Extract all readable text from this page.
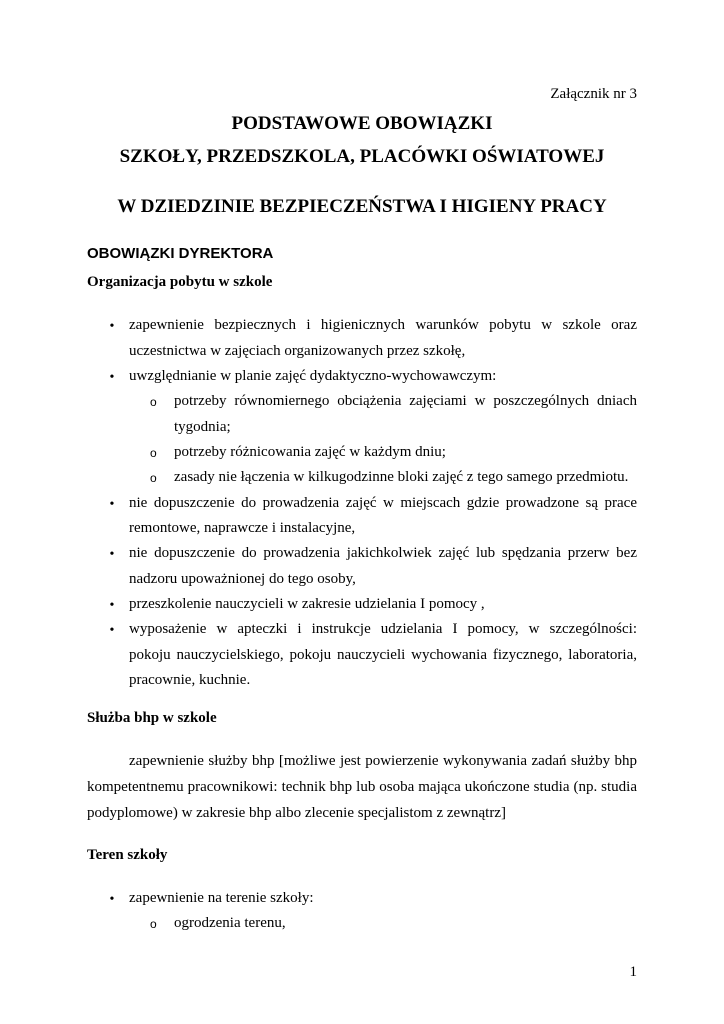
Załącznik nr 3
PODSTAWOWE OBOWIĄZKI
SZKOŁY, PRZEDSZKOLA, PLACÓWKI OŚWIATOWEJ
W DZIEDZINIE BEZPIECZEŃSTWA I HIGIENY PRACY
OBOWIĄZKI DYREKTORA
Organizacja pobytu w szkole
• zapewnienie bezpiecznych i higienicznych warunków pobytu w szkole oraz
uczestnictwa w zajęciach organizowanych przez szkołę,
• uwzględnianie w planie zajęć dydaktyczno-wychowawczym:
o potrzeby równomiernego obciążenia zajęciami w poszczególnych dniach
tygodnia;
o potrzeby różnicowania zajęć w każdym dniu;
o zasady nie łączenia w kilkugodzinne bloki zajęć z tego samego przedmiotu.
• nie dopuszczenie do prowadzenia zajęć w miejscach gdzie prowadzone są prace
remontowe, naprawcze i instalacyjne,
• nie dopuszczenie do prowadzenia jakichkolwiek zajęć lub spędzania przerw bez
nadzoru upoważnionej do tego osoby,
• przeszkolenie nauczycieli w zakresie udzielania I pomocy ,
• wyposażenie w apteczki i instrukcje udzielania I pomocy, w szczególności:
pokoju nauczycielskiego, pokoju nauczycieli wychowania fizycznego, laboratoria,
pracownie, kuchnie.
Służba bhp w szkole
zapewnienie służby bhp [możliwe jest powierzenie wykonywania zadań służby bhp
kompetentnemu pracownikowi: technik bhp lub osoba mająca ukończone studia (np. studia
podyplomowe) w zakresie bhp albo zlecenie specjalistom z zewnątrz]
Teren szkoły
• zapewnienie na terenie szkoły:
o ogrodzenia terenu,
1
